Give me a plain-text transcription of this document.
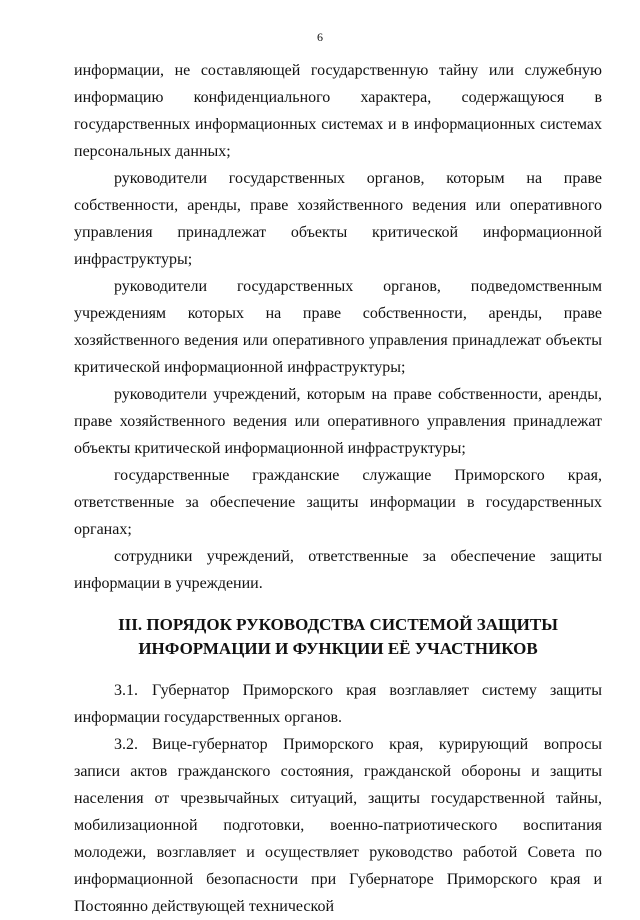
6

информации, не составляющей государственную тайну или служебную информацию конфиденциального характера, содержащуюся в государственных информационных системах и в информационных системах персональных данных;

руководители государственных органов, которым на праве собственности, аренды, праве хозяйственного ведения или оперативного управления принадлежат объекты критической информационной инфраструктуры;

руководители государственных органов, подведомственным учреждениям которых на праве собственности, аренды, праве хозяйственного ведения или оперативного управления принадлежат объекты критической информационной инфраструктуры;

руководители учреждений, которым на праве собственности, аренды, праве хозяйственного ведения или оперативного управления принадлежат объекты критической информационной инфраструктуры;

государственные гражданские служащие Приморского края, ответственные за обеспечение защиты информации в государственных органах;

сотрудники учреждений, ответственные за обеспечение защиты информации в учреждении.

III. ПОРЯДОК РУКОВОДСТВА СИСТЕМОЙ ЗАЩИТЫ
ИНФОРМАЦИИ И ФУНКЦИИ ЕЁ УЧАСТНИКОВ

3.1. Губернатор Приморского края возглавляет систему защиты информации государственных органов.

3.2. Вице-губернатор Приморского края, курирующий вопросы записи актов гражданского состояния, гражданской обороны и защиты населения от чрезвычайных ситуаций, защиты государственной тайны, мобилизационной подготовки, военно-патриотического воспитания молодежи, возглавляет и осуществляет руководство работой Совета по информационной безопасности при Губернаторе Приморского края и Постоянно действующей технической
